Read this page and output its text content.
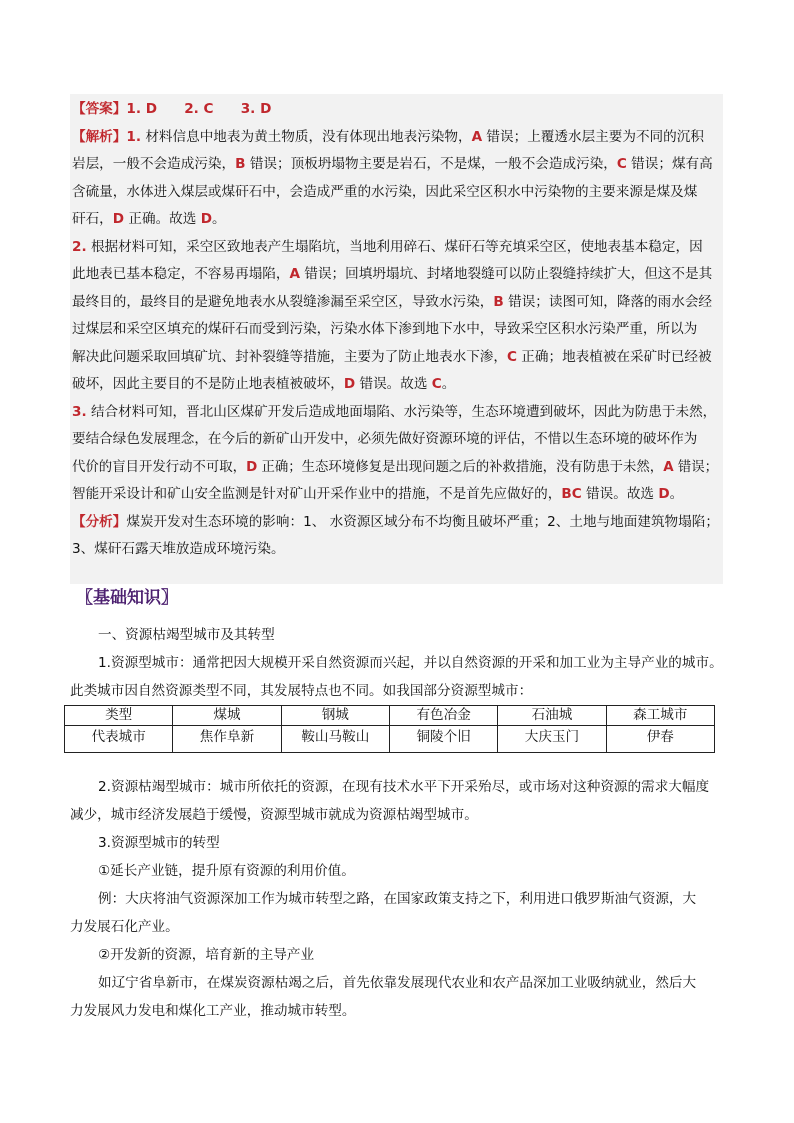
【答案】1. D　　2. C　　3. D
【解析】1. 材料信息中地表为黄土物质，没有体现出地表污染物，A 错误；上覆透水层主要为不同的沉积
岩层，一般不会造成污染，B 错误；顶板坍塌物主要是岩石，不是煤，一般不会造成污染，C 错误；煤有高
含硫量，水体进入煤层或煤矸石中，会造成严重的水污染，因此采空区积水中污染物的主要来源是煤及煤
矸石，D 正确。故选 D。
2. 根据材料可知，采空区致地表产生塌陷坑，当地利用碎石、煤矸石等充填采空区，使地表基本稳定，因
此地表已基本稳定，不容易再塌陷，A 错误；回填坍塌坑、封堵地裂缝可以防止裂缝持续扩大，但这不是其
最终目的，最终目的是避免地表水从裂缝渗漏至采空区，导致水污染，B 错误；读图可知，降落的雨水会经
过煤层和采空区填充的煤矸石而受到污染，污染水体下渗到地下水中，导致采空区积水污染严重，所以为
解决此问题采取回填矿坑、封补裂缝等措施，主要为了防止地表水下渗，C 正确；地表植被在采矿时已经被
破坏，因此主要目的不是防止地表植被破坏，D 错误。故选 C。
3. 结合材料可知，晋北山区煤矿开发后造成地面塌陷、水污染等，生态环境遭到破坏，因此为防患于未然，
要结合绿色发展理念，在今后的新矿山开发中，必须先做好资源环境的评估，不惜以生态环境的破坏作为
代价的盲目开发行动不可取，D 正确；生态环境修复是出现问题之后的补救措施，没有防患于未然，A 错误；
智能开采设计和矿山安全监测是针对矿山开采作业中的措施，不是首先应做好的，BC 错误。故选 D。
【分析】煤炭开发对生态环境的影响：1、 水资源区域分布不均衡且破坏严重；2、土地与地面建筑物塌陷；
3、煤矸石露天堆放造成环境污染。
〖基础知识〗
一、资源枯竭型城市及其转型
1.资源型城市：通常把因大规模开采自然资源而兴起，并以自然资源的开采和加工业为主导产业的城市。
此类城市因自然资源类型不同，其发展特点也不同。如我国部分资源型城市：
类型	煤城	钢城	有色冶金	石油城	森工城市
代表城市	焦作阜新	鞍山马鞍山	铜陵个旧	大庆玉门	伊春
2.资源枯竭型城市：城市所依托的资源，在现有技术水平下开采殆尽，或市场对这种资源的需求大幅度
减少，城市经济发展趋于缓慢，资源型城市就成为资源枯竭型城市。
3.资源型城市的转型
①延长产业链，提升原有资源的利用价值。
例：大庆将油气资源深加工作为城市转型之路，在国家政策支持之下，利用进口俄罗斯油气资源，大
力发展石化产业。
②开发新的资源，培育新的主导产业
如辽宁省阜新市，在煤炭资源枯竭之后，首先依靠发展现代农业和农产品深加工业吸纳就业，然后大
力发展风力发电和煤化工产业，推动城市转型。
